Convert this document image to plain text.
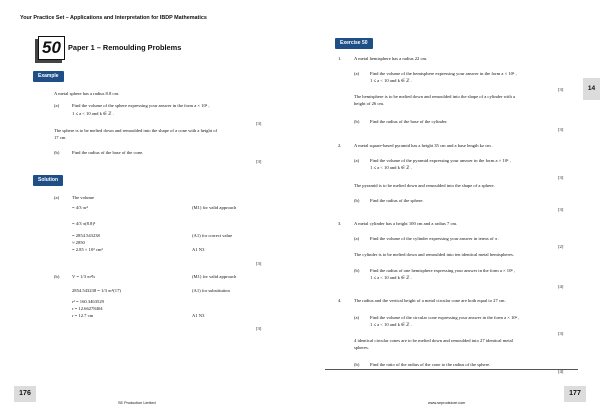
Your Practice Set – Applications and Interpretation for IBDP Mathematics
50 Paper 1 – Remoulding Problems
Example
A metal sphere has a radius 8.8 cm.
(a)	Find the volume of the sphere expressing your answer in the form a × 10ᵏ ,
1 ≤ a < 10 and k ∈ ℤ .
[3]
The sphere is to be melted down and remoulded into the shape of a cone with a height of
17 cm.
(b)	Find the radius of the base of the cone.
[3]
Solution
(a)	The volume
= 4/3 πr³
= 4/3 π(8.8)³
= 2854.543238
≈ 2850
= 2.85 × 10³ cm³
(M1) for valid approach
(A1) for correct value
A1 N3
[3]
(b)	V = 1/3 πr²h
2854.543238 = 1/3 πr²(17)
r² = 160.3463529
r = 12.66278404
r = 12.7 cm
(M1) for valid approach
(A1) for substitution
A1 N3
[3]
Exercise 50
1.	A metal hemisphere has a radius 22 cm.
(a) Find the volume of the hemisphere expressing your answer in the form a × 10ᵏ ,
1 ≤ a < 10 and k ∈ ℤ .
[3]
The hemisphere is to be melted down and remoulded into the shape of a cylinder with a
height of 26 cm.
(b) Find the radius of the base of the cylinder.
[3]
2.	A metal square-based pyramid has a height 35 cm and a base length kz cm .
(a) Find the volume of the pyramid expressing your answer in the form a × 10ᵏ ,
1 ≤ a < 10 and k ∈ ℤ .
[3]
The pyramid is to be melted down and remoulded into the shape of a sphere.
(b) Find the radius of the sphere.
[3]
3.	A metal cylinder has a height 100 cm and a radius 7 cm.
(a) Find the volume of the cylinder expressing your answer in terms of π .
[2]
The cylinder is to be melted down and remoulded into ten identical metal hemispheres.
(b) Find the radius of one hemisphere expressing your answer in the form a × 10ᵏ ,
1 ≤ a < 10 and k ∈ ℤ .
[4]
4.	The radius and the vertical height of a metal circular cone are both equal to 27 cm.
(a) Find the volume of the circular cone expressing your answer in the form a × 10ᵏ ,
1 ≤ a < 10 and k ∈ ℤ .
[3]
4 identical circular cones are to be melted down and remoulded into 27 identical metal
spheres.
(b) Find the ratio of the radius of the cone to the radius of the sphere.
[4]
14
176
SE Production Limited	www.seprodstore.com
177
